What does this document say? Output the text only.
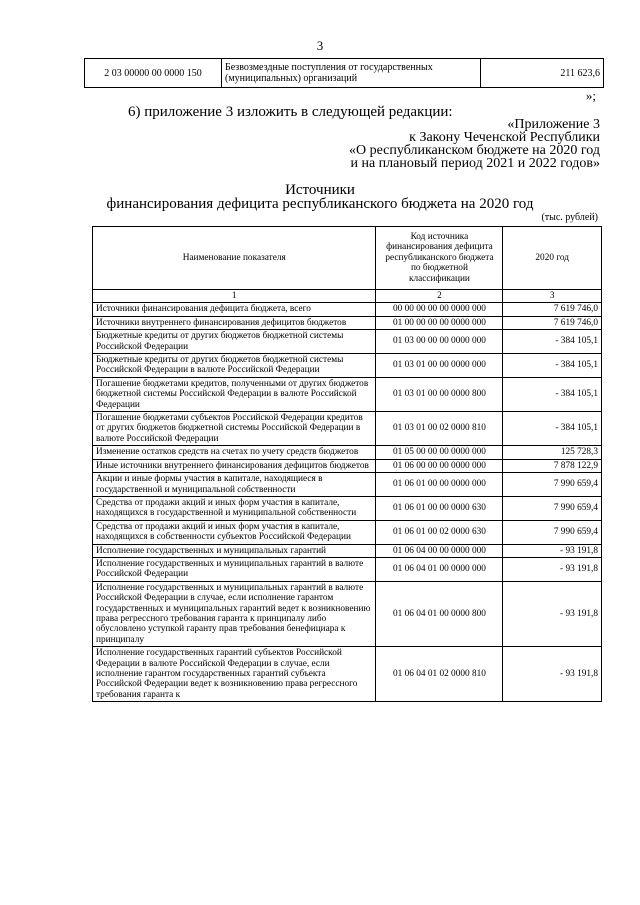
3
2 03 00000 00 0000 150	Безвозмездные поступления от государственных (муниципальных) организаций	211 623,6
»;
6) приложение 3 изложить в следующей редакции:
«Приложение 3
к Закону Чеченской Республики
«О республиканском бюджете на 2020 год
и на плановый период 2021 и 2022 годов»
Источники
финансирования дефицита республиканского бюджета на 2020 год
(тыс. рублей)
Наименование показателя	Код источника финансирования дефицита республиканского бюджета по бюджетной классификации	2020 год
1	2	3
Источники финансирования дефицита бюджета, всего	00 00 00 00 00 0000 000	7 619 746,0
Источники внутреннего финансирования дефицитов бюджетов	01 00 00 00 00 0000 000	7 619 746,0
Бюджетные кредиты от других бюджетов бюджетной системы Российской Федерации	01 03 00 00 00 0000 000	- 384 105,1
Бюджетные кредиты от других бюджетов бюджетной системы Российской Федерации в валюте Российской Федерации	01 03 01 00 00 0000 000	- 384 105,1
Погашение бюджетами кредитов, полученными от других бюджетов бюджетной системы Российской Федерации в валюте Российской Федерации	01 03 01 00 00 0000 800	- 384 105,1
Погашение бюджетами субъектов Российской Федерации кредитов от других бюджетов бюджетной системы Российской Федерации в валюте Российской Федерации	01 03 01 00 02 0000 810	- 384 105,1
Изменение остатков средств на счетах по учету средств бюджетов	01 05 00 00 00 0000 000	125 728,3
Иные источники внутреннего финансирования дефицитов бюджетов	01 06 00 00 00 0000 000	7 878 122,9
Акции и иные формы участия в капитале, находящиеся в государственной и муниципальной собственности	01 06 01 00 00 0000 000	7 990 659,4
Средства от продажи акций и иных форм участия в капитале, находящихся в государственной и муниципальной собственности	01 06 01 00 00 0000 630	7 990 659,4
Средства от продажи акций и иных форм участия в капитале, находящихся в собственности субъектов Российской Федерации	01 06 01 00 02 0000 630	7 990 659,4
Исполнение государственных и муниципальных гарантий	01 06 04 00 00 0000 000	- 93 191,8
Исполнение государственных и муниципальных гарантий в валюте Российской Федерации	01 06 04 01 00 0000 000	- 93 191,8
Исполнение государственных и муниципальных гарантий в валюте Российской Федерации в случае, если исполнение гарантом государственных и муниципальных гарантий ведет к возникновению права регрессного требования гаранта к принципалу либо обусловлено уступкой гаранту прав требования бенефициара к принципалу	01 06 04 01 00 0000 800	- 93 191,8
Исполнение государственных гарантий субъектов Российской Федерации в валюте Российской Федерации в случае, если исполнение гарантом государственных гарантий субъекта Российской Федерации ведет к возникновению права регрессного требования гаранта к	01 06 04 01 02 0000 810	- 93 191,8
